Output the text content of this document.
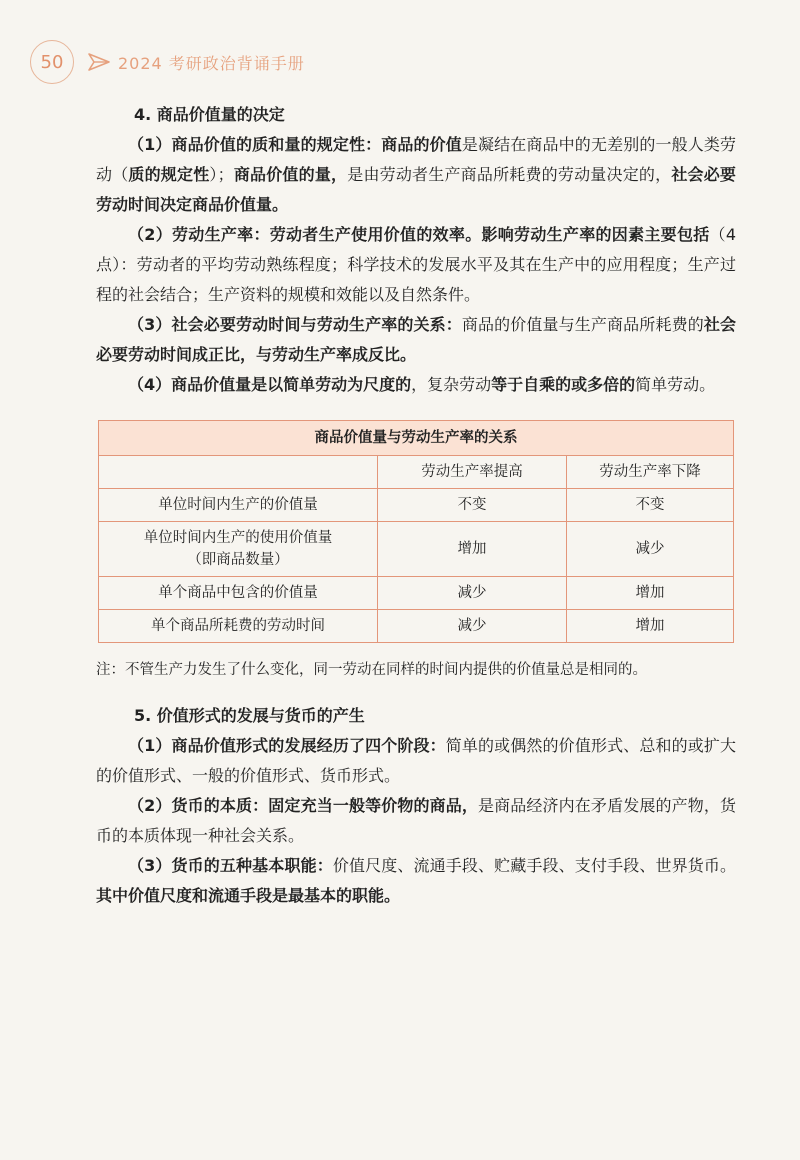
50	2024 考研政治背诵手册
4. 商品价值量的决定
（1）商品价值的质和量的规定性：商品的价值是凝结在商品中的无差别的一般人类劳动（质的规定性）；商品价值的量，是由劳动者生产商品所耗费的劳动量决定的，社会必要劳动时间决定商品价值量。
（2）劳动生产率：劳动者生产使用价值的效率。影响劳动生产率的因素主要包括（4点）：劳动者的平均劳动熟练程度；科学技术的发展水平及其在生产中的应用程度；生产过程的社会结合；生产资料的规模和效能以及自然条件。
（3）社会必要劳动时间与劳动生产率的关系：商品的价值量与生产商品所耗费的社会必要劳动时间成正比，与劳动生产率成反比。
（4）商品价值量是以简单劳动为尺度的，复杂劳动等于自乘的或多倍的简单劳动。
商品价值量与劳动生产率的关系		
	劳动生产率提高	劳动生产率下降
单位时间内生产的价值量	不变	不变

单位时间内生产的使用价值量
（即商品数量）	增加	减少
单个商品中包含的价值量	减少	增加
单个商品所耗费的劳动时间	减少	增加
注：不管生产力发生了什么变化，同一劳动在同样的时间内提供的价值量总是相同的。
5. 价值形式的发展与货币的产生
（1）商品价值形式的发展经历了四个阶段：简单的或偶然的价值形式、总和的或扩大的价值形式、一般的价值形式、货币形式。
（2）货币的本质：固定充当一般等价物的商品，是商品经济内在矛盾发展的产物，货币的本质体现一种社会关系。
（3）货币的五种基本职能：价值尺度、流通手段、贮藏手段、支付手段、世界货币。其中价值尺度和流通手段是最基本的职能。
